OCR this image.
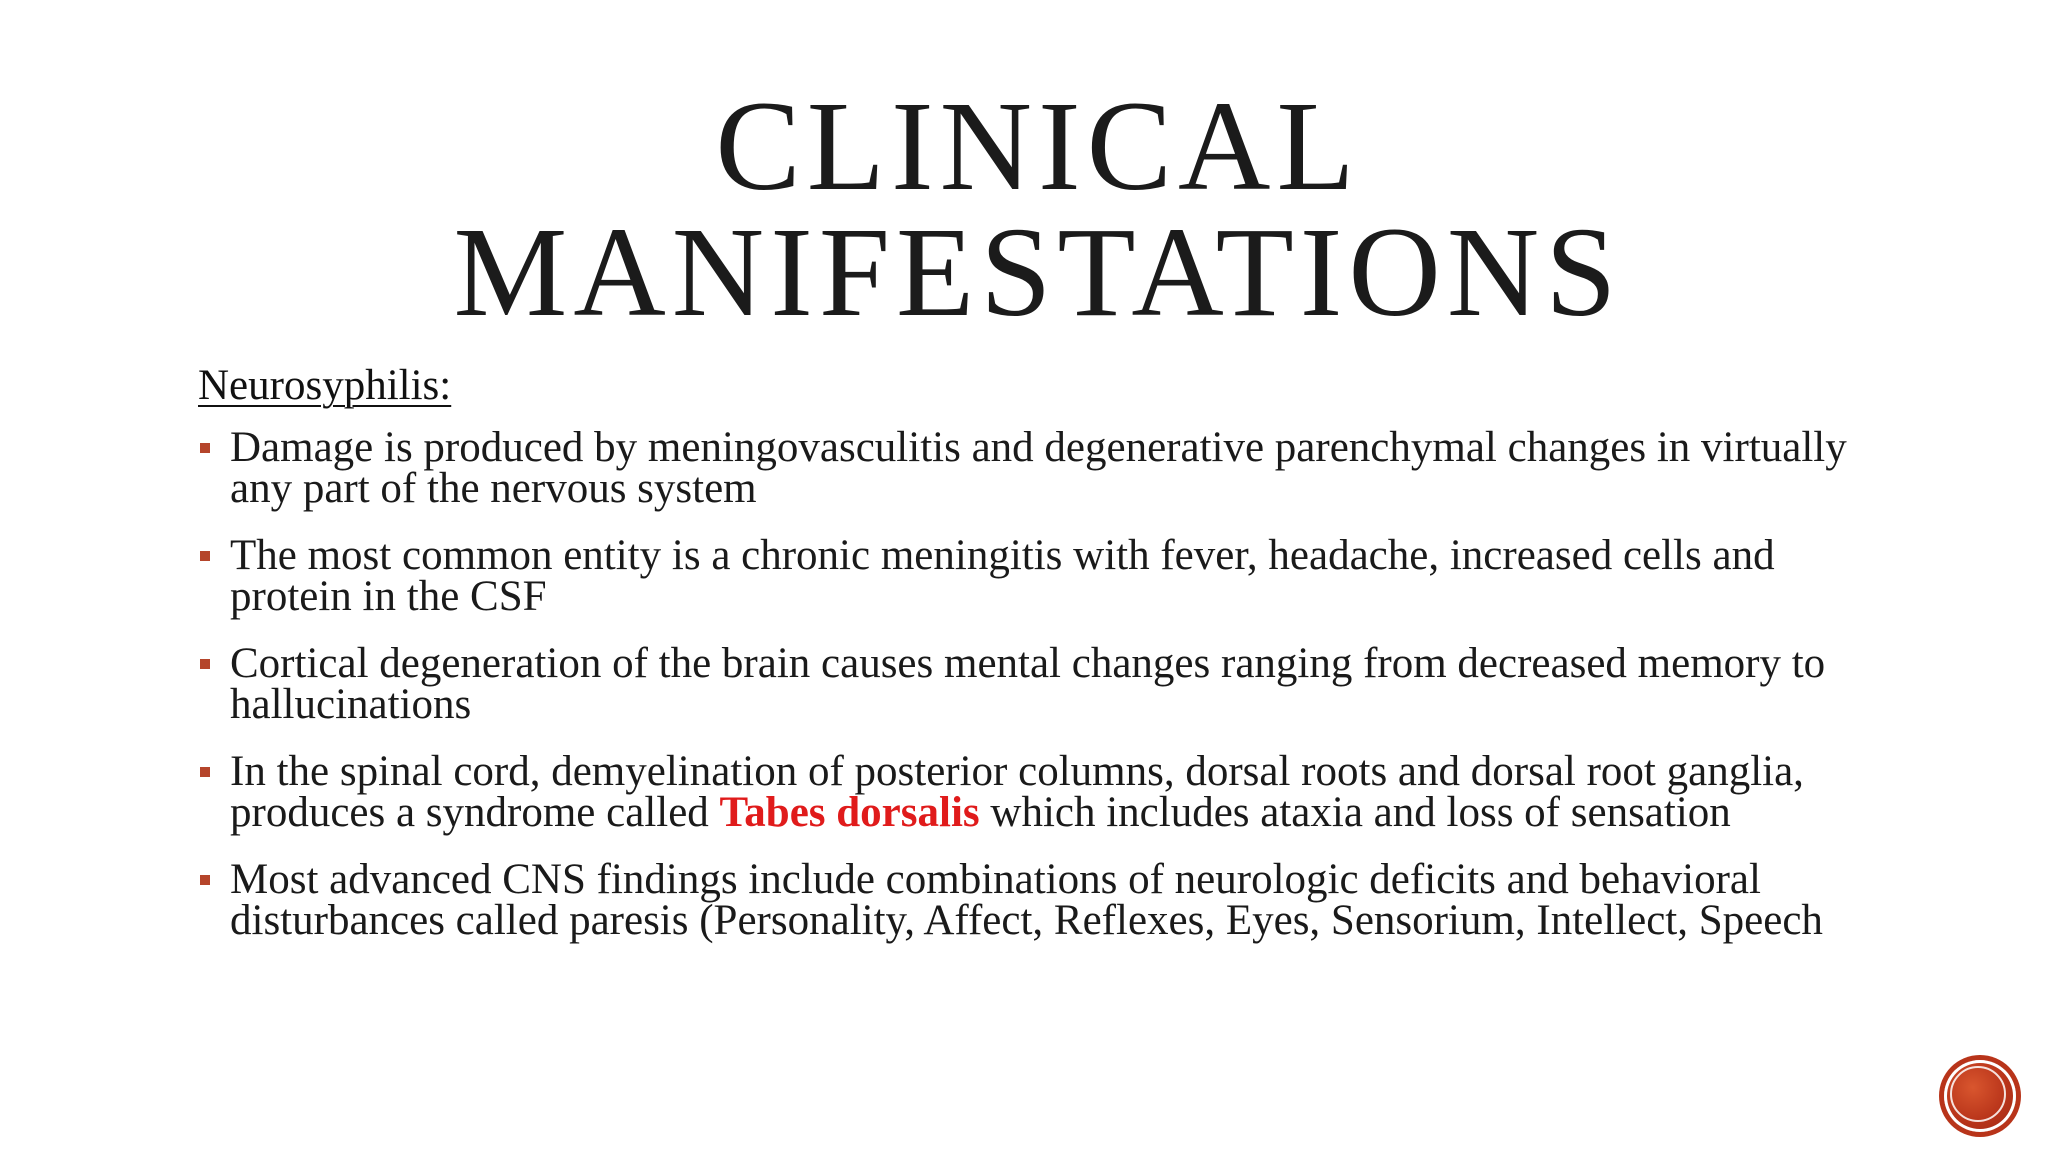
CLINICAL
MANIFESTATIONS

Neurosyphilis:

Damage is produced by meningovasculitis and degenerative parenchymal changes in virtually any part of the nervous system
The most common entity is a chronic meningitis with fever, headache, increased cells and protein in the CSF
Cortical degeneration of the brain causes mental changes ranging from decreased memory to hallucinations
In the spinal cord, demyelination of posterior columns, dorsal roots and dorsal root ganglia, produces a syndrome called Tabes dorsalis which includes ataxia and loss of sensation
Most advanced CNS findings include combinations of neurologic deficits and behavioral disturbances called paresis (Personality, Affect, Reflexes, Eyes, Sensorium, Intellect, Speech
